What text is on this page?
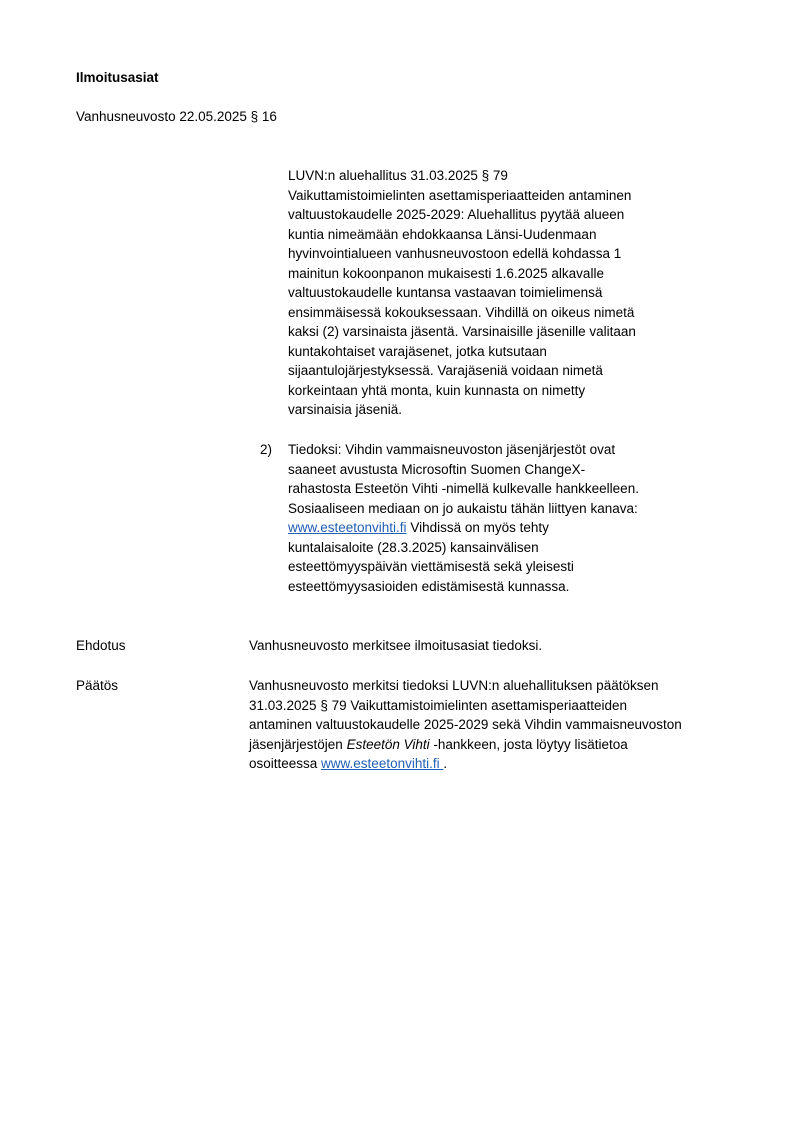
Ilmoitusasiat
Vanhusneuvosto 22.05.2025 § 16
LUVN:n aluehallitus 31.03.2025 § 79
Vaikuttamistoimielinten asettamisperiaatteiden antaminen
valtuustokaudelle 2025-2029: Aluehallitus pyytää alueen
kuntia nimeämään ehdokkaansa Länsi-Uudenmaan
hyvinvointialueen vanhusneuvostoon edellä kohdassa 1
mainitun kokoonpanon mukaisesti 1.6.2025 alkavalle
valtuustokaudelle kuntansa vastaavan toimielimensä
ensimmäisessä kokouksessaan. Vihdillä on oikeus nimetä
kaksi (2) varsinaista jäsentä. Varsinaisille jäsenille valitaan
kuntakohtaiset varajäsenet, jotka kutsutaan
sijaantulojärjestyksessä. Varajäseniä voidaan nimetä
korkeintaan yhtä monta, kuin kunnasta on nimetty
varsinaisia jäseniä.
2) Tiedoksi: Vihdin vammaisneuvoston jäsenjärjestöt ovat
saaneet avustusta Microsoftin Suomen ChangeX-
rahastosta Esteetön Vihti -nimellä kulkevalle hankkeelleen.
Sosiaaliseen mediaan on jo aukaistu tähän liittyen kanava:
www.esteetonvihti.fi Vihdissä on myös tehty
kuntalaisaloite (28.3.2025) kansainvälisen
esteettömyyspäivän viettämisestä sekä yleisesti
esteettömyysasioiden edistämisestä kunnassa.
Ehdotus	Vanhusneuvosto merkitsee ilmoitusasiat tiedoksi.
Päätös	Vanhusneuvosto merkitsi tiedoksi LUVN:n aluehallituksen päätöksen
31.03.2025 § 79 Vaikuttamistoimielinten asettamisperiaatteiden
antaminen valtuustokaudelle 2025-2029 sekä Vihdin vammaisneuvoston
jäsenjärjestöjen Esteetön Vihti -hankkeen, josta löytyy lisätietoa
osoitteessa www.esteetonvihti.fi .
